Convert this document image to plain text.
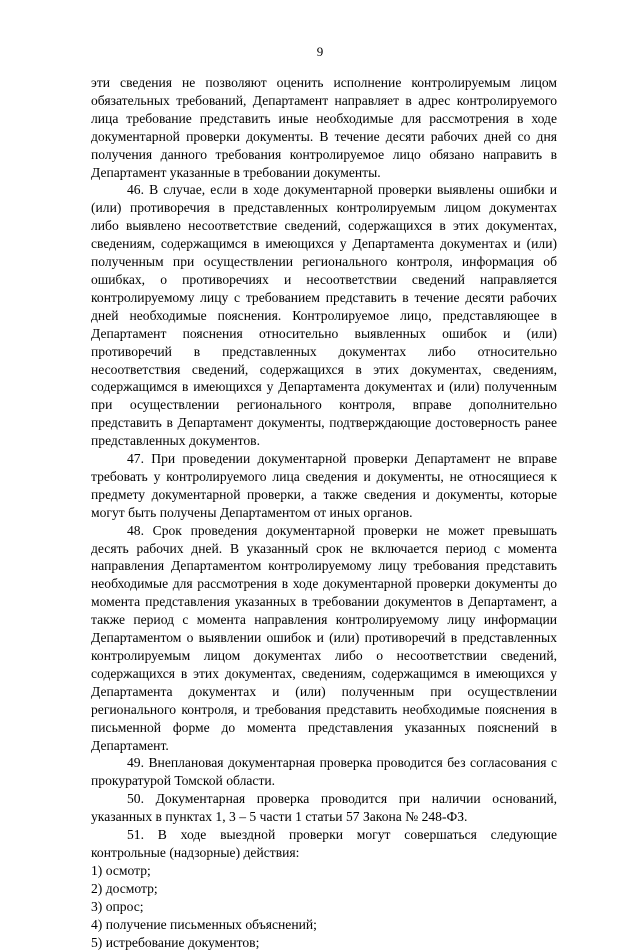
9

эти сведения не позволяют оценить исполнение контролируемым лицом обязательных требований, Департамент направляет в адрес контролируемого лица требование представить иные необходимые для рассмотрения в ходе документарной проверки документы. В течение десяти рабочих дней со дня получения данного требования контролируемое лицо обязано направить в Департамент указанные в требовании документы.

46. В случае, если в ходе документарной проверки выявлены ошибки и (или) противоречия в представленных контролируемым лицом документах либо выявлено несоответствие сведений, содержащихся в этих документах, сведениям, содержащимся в имеющихся у Департамента документах и (или) полученным при осуществлении регионального контроля, информация об ошибках, о противоречиях и несоответствии сведений направляется контролируемому лицу с требованием представить в течение десяти рабочих дней необходимые пояснения. Контролируемое лицо, представляющее в Департамент пояснения относительно выявленных ошибок и (или) противоречий в представленных документах либо относительно несоответствия сведений, содержащихся в этих документах, сведениям, содержащимся в имеющихся у Департамента документах и (или) полученным при осуществлении регионального контроля, вправе дополнительно представить в Департамент документы, подтверждающие достоверность ранее представленных документов.

47. При проведении документарной проверки Департамент не вправе требовать у контролируемого лица сведения и документы, не относящиеся к предмету документарной проверки, а также сведения и документы, которые могут быть получены Департаментом от иных органов.

48. Срок проведения документарной проверки не может превышать десять рабочих дней. В указанный срок не включается период с момента направления Департаментом контролируемому лицу требования представить необходимые для рассмотрения в ходе документарной проверки документы до момента представления указанных в требовании документов в Департамент, а также период с момента направления контролируемому лицу информации Департаментом о выявлении ошибок и (или) противоречий в представленных контролируемым лицом документах либо о несоответствии сведений, содержащихся в этих документах, сведениям, содержащимся в имеющихся у Департамента документах и (или) полученным при осуществлении регионального контроля, и требования представить необходимые пояснения в письменной форме до момента представления указанных пояснений в Департамент.

49. Внеплановая документарная проверка проводится без согласования с прокуратурой Томской области.

50. Документарная проверка проводится при наличии оснований, указанных в пунктах 1, 3 – 5 части 1 статьи 57 Закона № 248-ФЗ.

51. В ходе выездной проверки могут совершаться следующие контрольные (надзорные) действия:

1) осмотр;

2) досмотр;

3) опрос;

4) получение письменных объяснений;

5) истребование документов;
